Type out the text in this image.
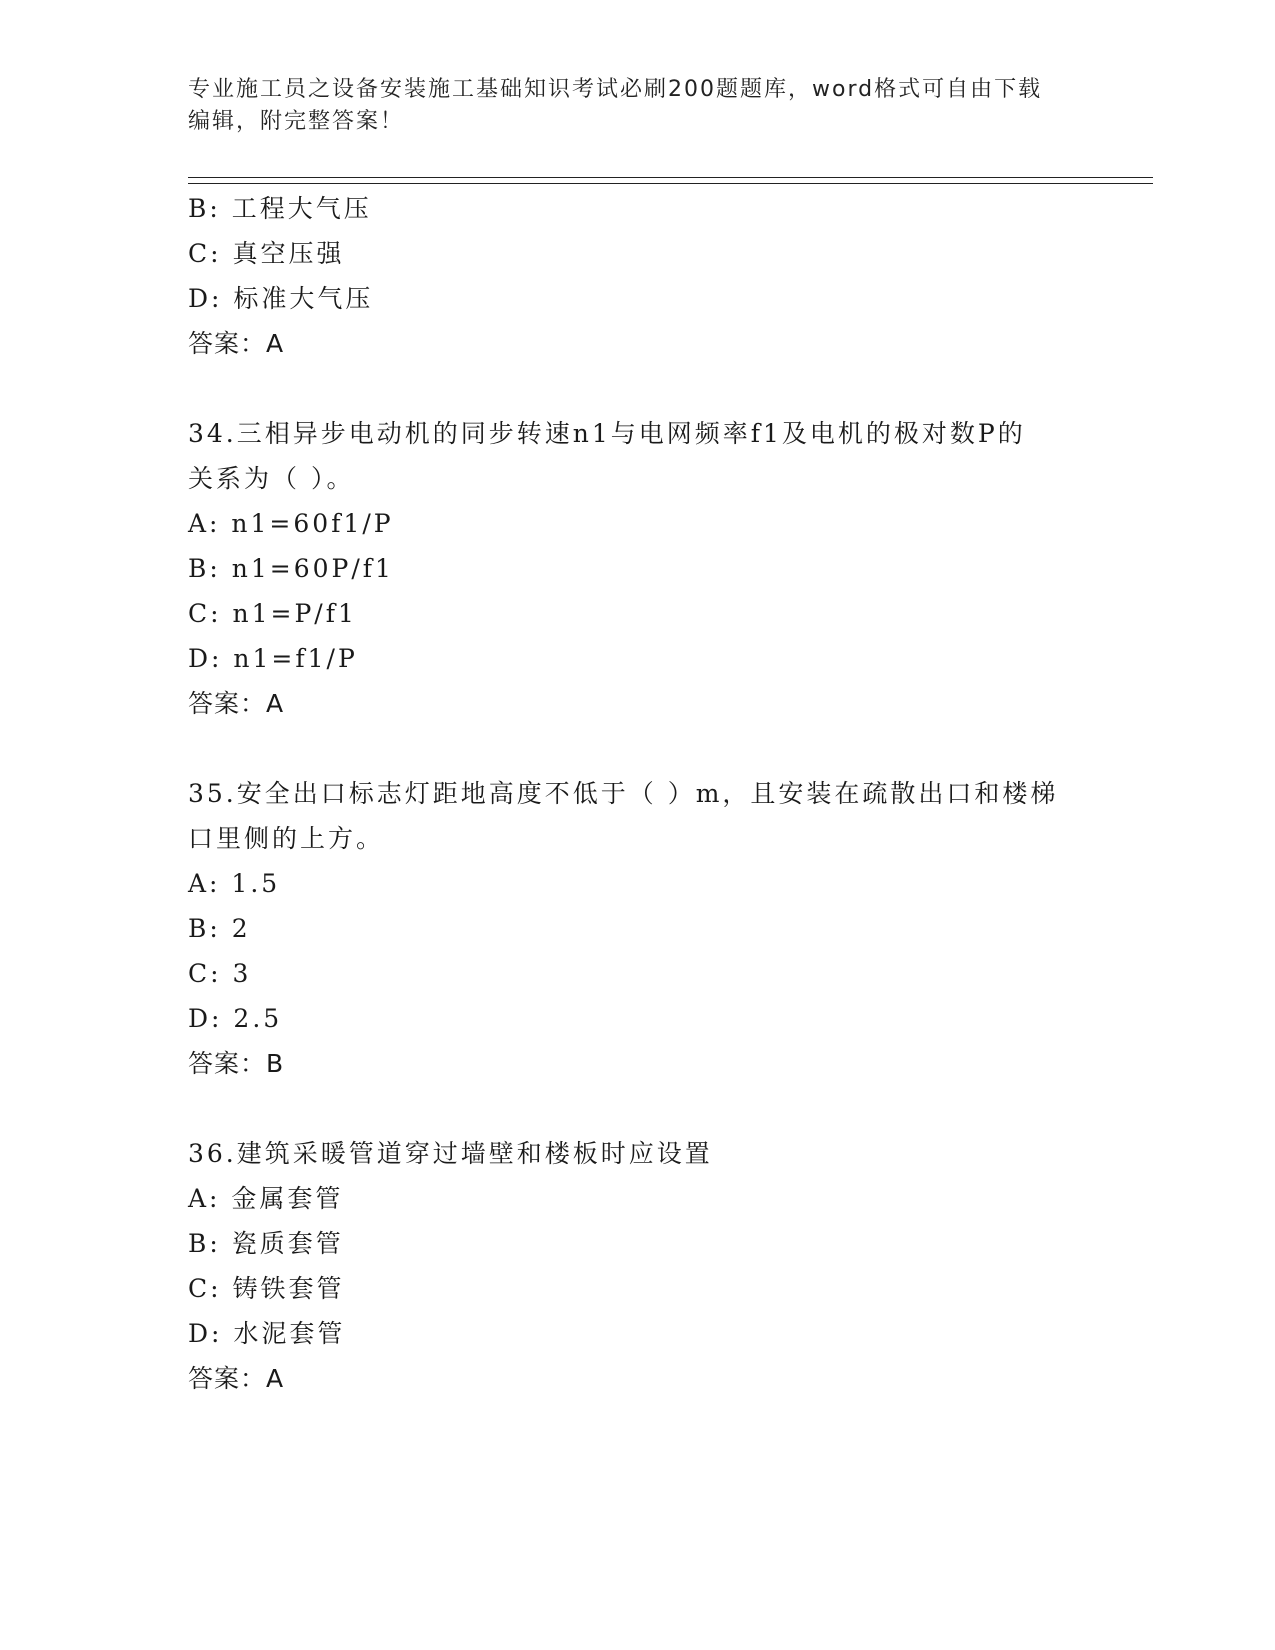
专业施工员之设备安装施工基础知识考试必刷200题题库，word格式可自由下载
编辑，附完整答案！
B: 工程大气压
C: 真空压强
D: 标准大气压
答案：A
34.三相异步电动机的同步转速n1与电网频率f1及电机的极对数P的
关系为（ ）。
A: n1=60f1/P
B: n1=60P/f1
C: n1=P/f1
D: n1=f1/P
答案：A
35.安全出口标志灯距地高度不低于（ ）m，且安装在疏散出口和楼梯
口里侧的上方。
A: 1.5
B: 2
C: 3
D: 2.5
答案：B
36.建筑采暖管道穿过墙壁和楼板时应设置
A: 金属套管
B: 瓷质套管
C: 铸铁套管
D: 水泥套管
答案：A
